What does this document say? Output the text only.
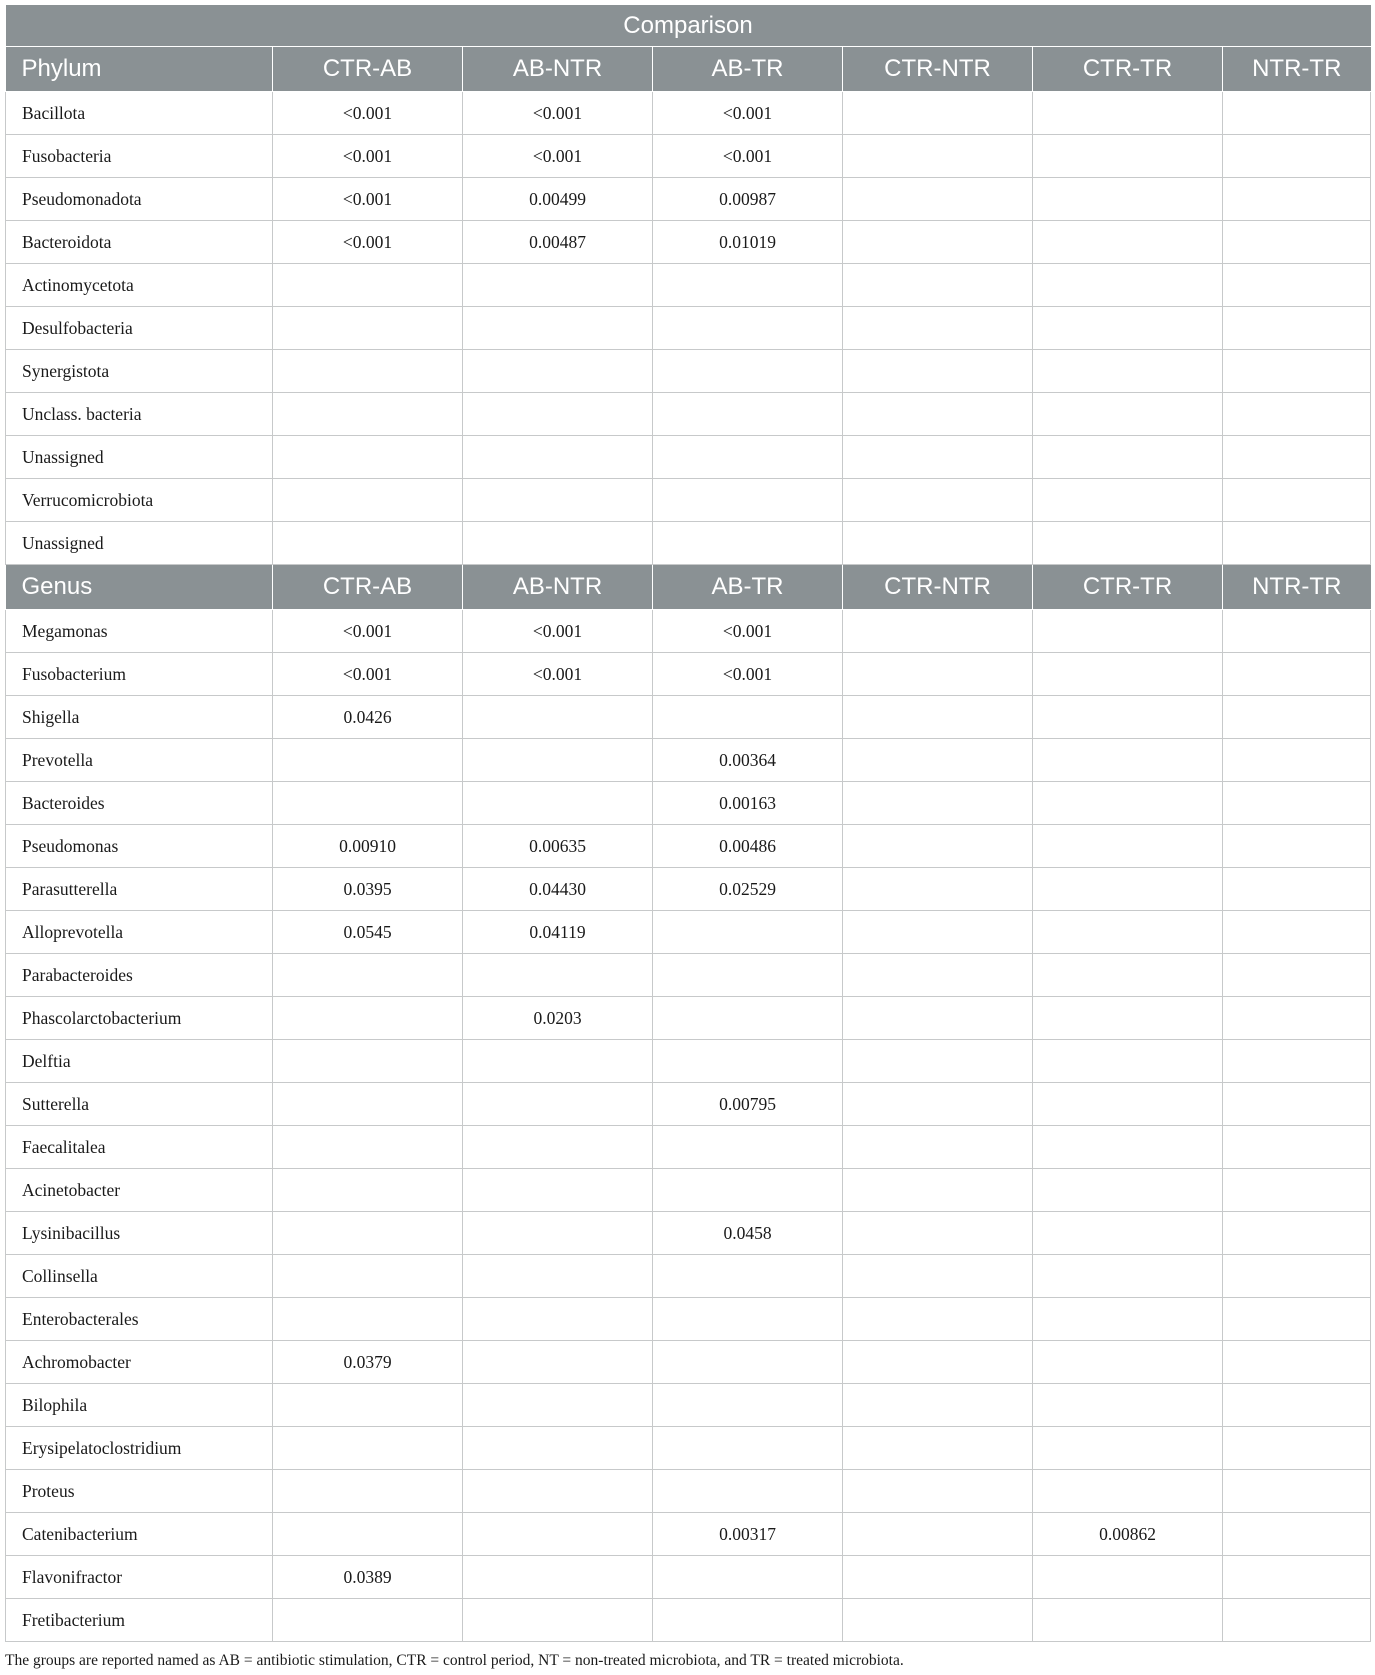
Comparison						
Phylum	CTR-AB	AB-NTR	AB-TR	CTR-NTR	CTR-TR	NTR-TR
Bacillota	<0.001	<0.001	<0.001			
Fusobacteria	<0.001	<0.001	<0.001			
Pseudomonadota	<0.001	0.00499	0.00987			
Bacteroidota	<0.001	0.00487	0.01019			
Actinomycetota						
Desulfobacteria						
Synergistota						
Unclass. bacteria						
Unassigned						
Verrucomicrobiota						
Unassigned						
Genus	CTR-AB	AB-NTR	AB-TR	CTR-NTR	CTR-TR	NTR-TR
Megamonas	<0.001	<0.001	<0.001			
Fusobacterium	<0.001	<0.001	<0.001			
Shigella	0.0426					
Prevotella			0.00364			
Bacteroides			0.00163			
Pseudomonas	0.00910	0.00635	0.00486			
Parasutterella	0.0395	0.04430	0.02529			
Alloprevotella	0.0545	0.04119				
Parabacteroides						
Phascolarctobacterium		0.0203				
Delftia						
Sutterella			0.00795			
Faecalitalea						
Acinetobacter						
Lysinibacillus			0.0458			
Collinsella						
Enterobacterales						
Achromobacter	0.0379					
Bilophila						
Erysipelatoclostridium						
Proteus						
Catenibacterium			0.00317		0.00862	
Flavonifractor	0.0389					
Fretibacterium						
The groups are reported named as AB = antibiotic stimulation, CTR = control period, NT = non-treated microbiota, and TR = treated microbiota.
